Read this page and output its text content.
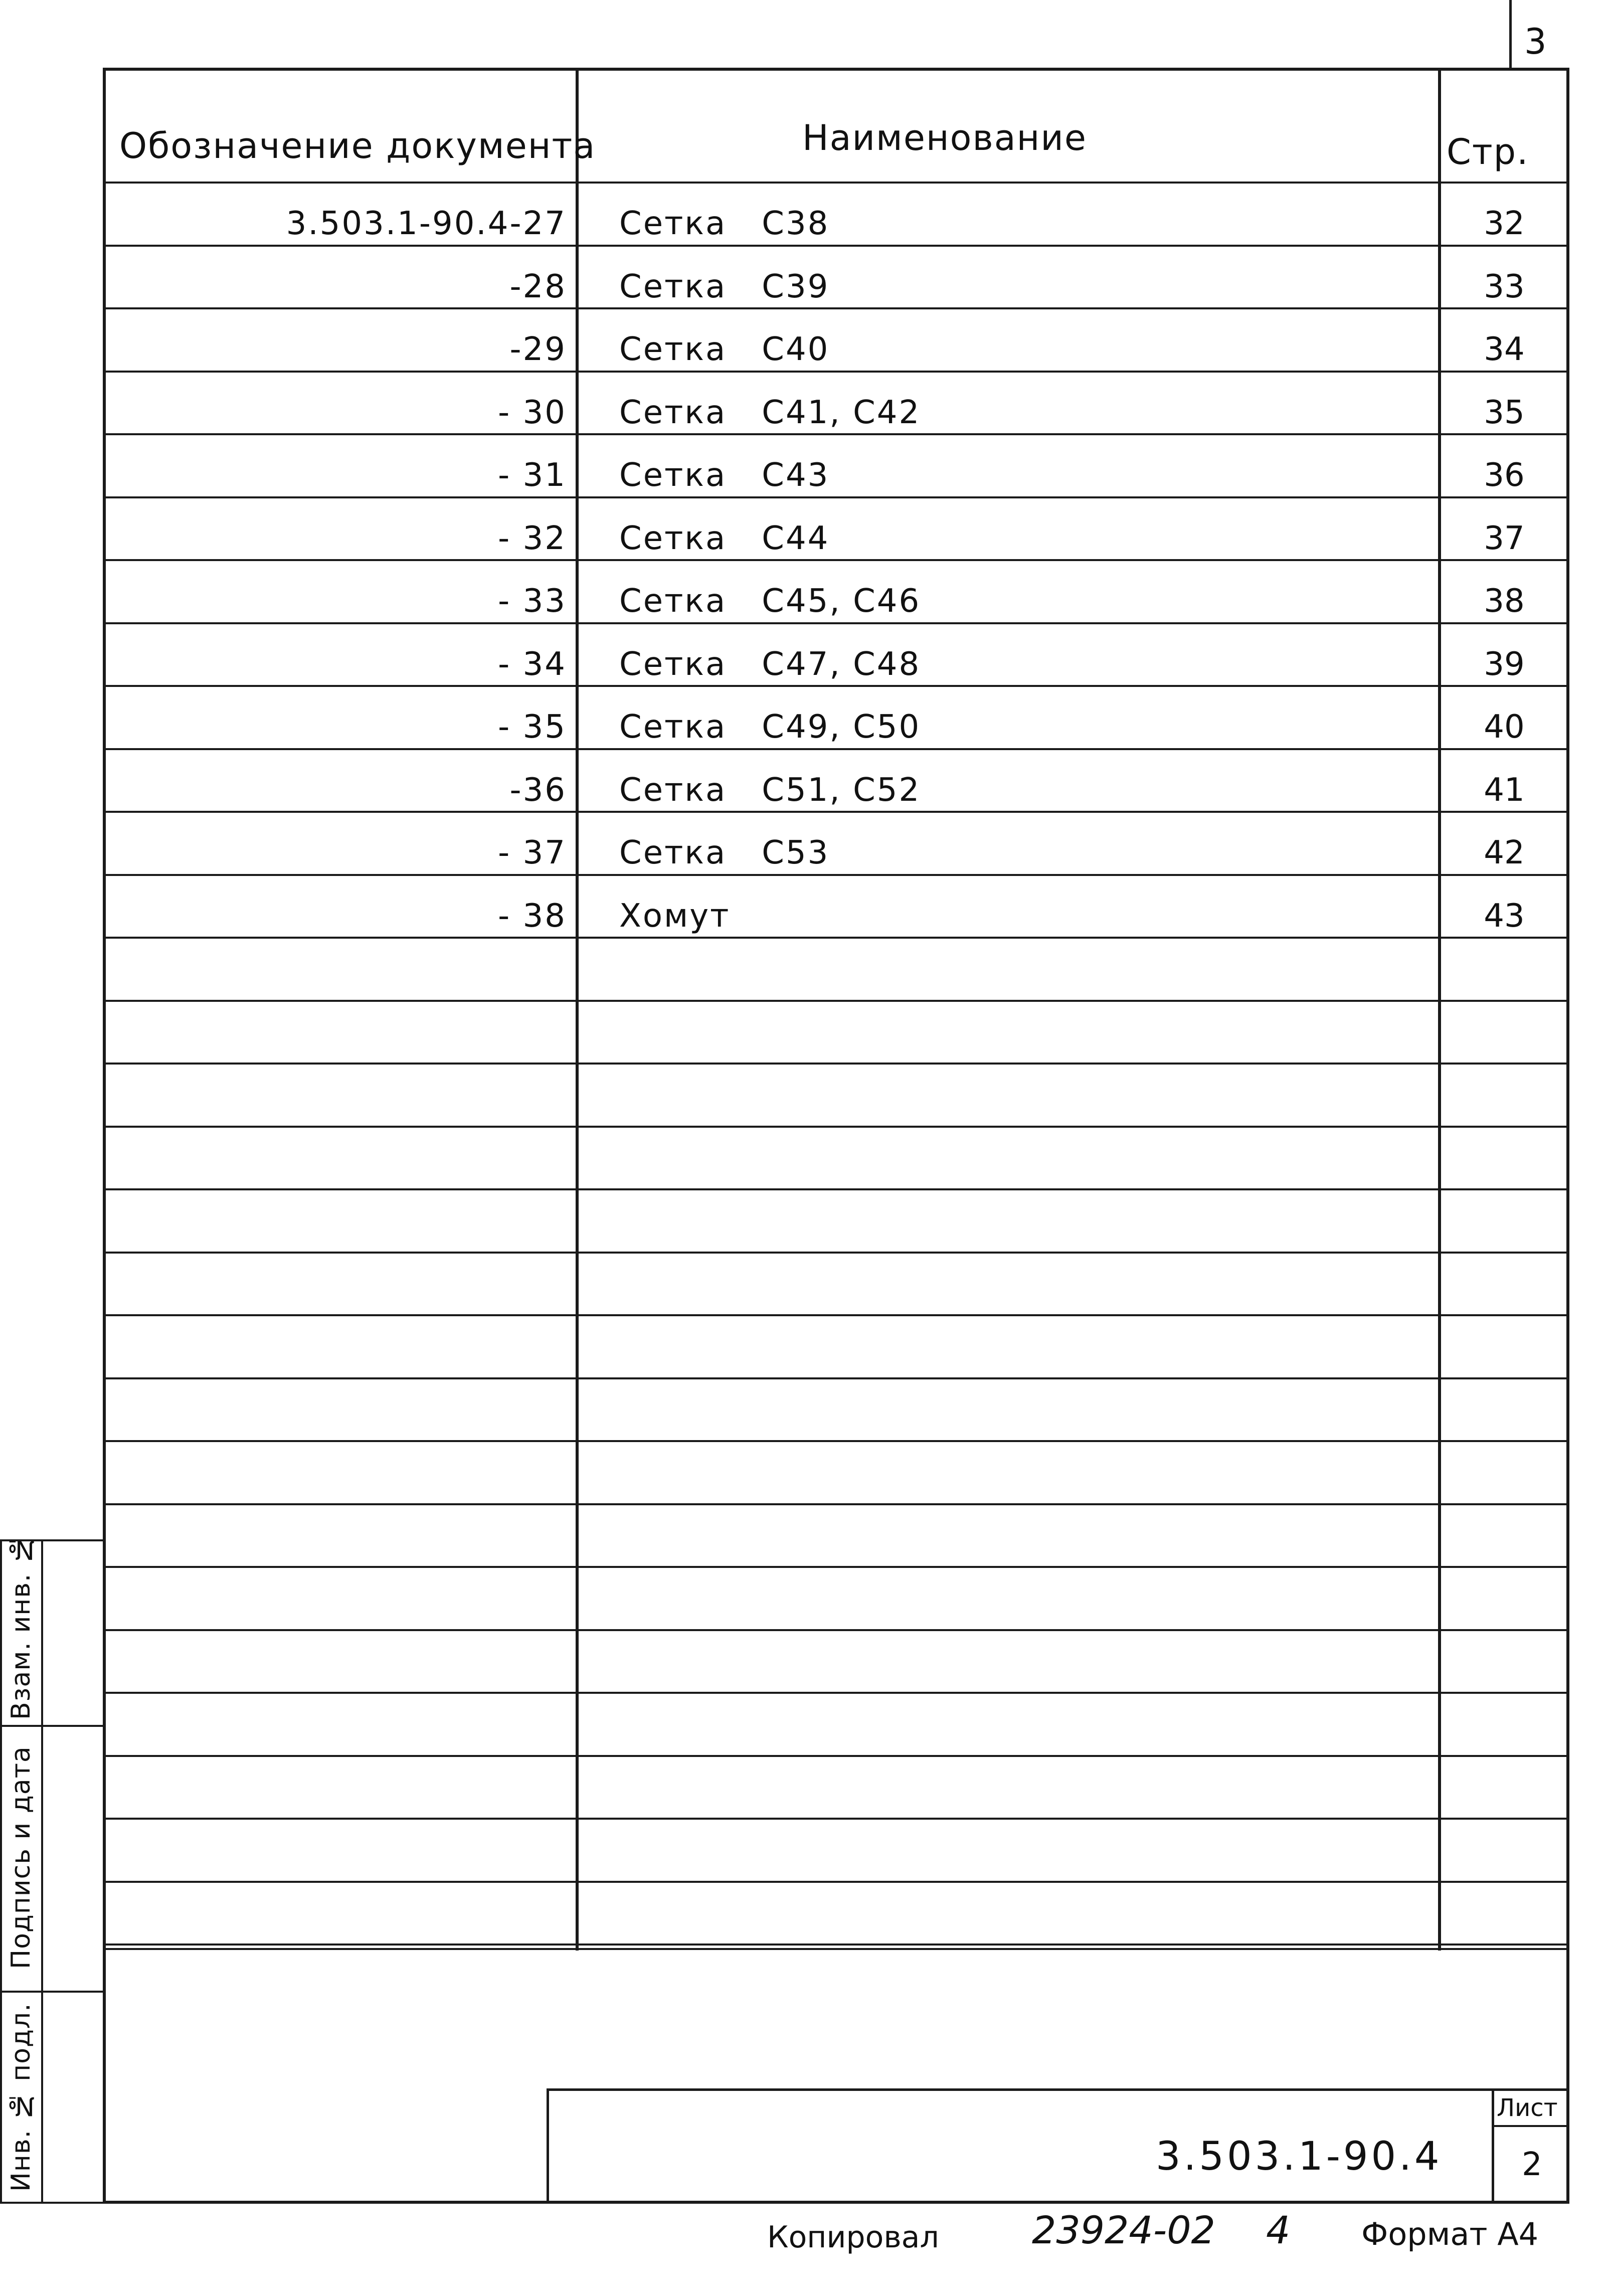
3
Обозначение документа	Наименование	Стр.
3.503.1-90.4-27 Сетка   С38	32
-28 Сетка   С39	33
-29 Сетка   С40	34
- 30 Сетка   С41, С42	35
- 31 Сетка   С43	36
- 32 Сетка   С44	37
- 33 Сетка   С45, С46	38
- 34 Сетка   С47, С48	39
- 35 Сетка   С49, С50	40
-36 Сетка   С51, С52	41
- 37 Сетка   С53	42
- 38 Хомут	43
Взам. инв. №
Подпись и дата
Инв. № подл.	3.503.1-90.4
Лист
2
Копировал 23924-02 4 Формат А4
